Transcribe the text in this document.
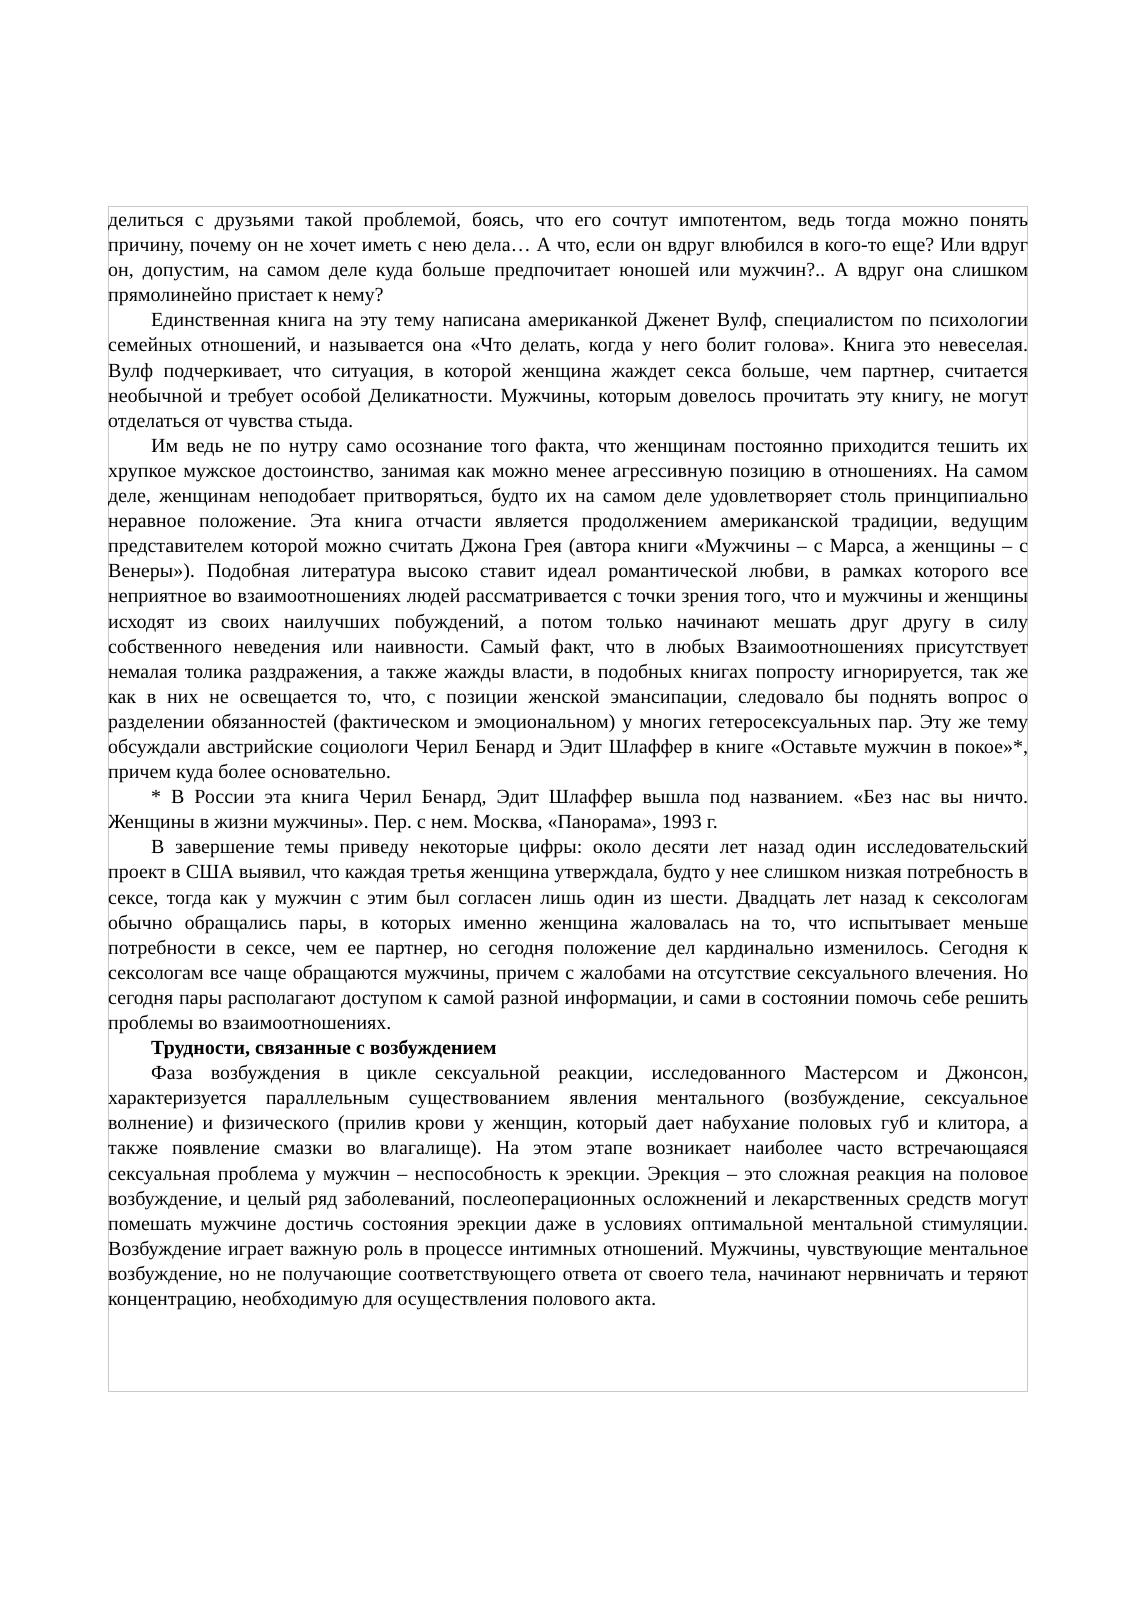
делиться с друзьями такой проблемой, боясь, что его сочтут импотентом, ведь тогда можно понять причину, почему он не хочет иметь с нею дела… А что, если он вдруг влюбился в кого-то еще? Или вдруг он, допустим, на самом деле куда больше предпочитает юношей или мужчин?.. А вдруг она слишком прямолинейно пристает к нему?

Единственная книга на эту тему написана американкой Дженет Вулф, специалистом по психологии семейных отношений, и называется она «Что делать, когда у него болит голова». Книга это невеселая. Вулф подчеркивает, что ситуация, в которой женщина жаждет секса больше, чем партнер, считается необычной и требует особой Деликатности. Мужчины, которым довелось прочитать эту книгу, не могут отделаться от чувства стыда.

Им ведь не по нутру само осознание того факта, что женщинам постоянно приходится тешить их хрупкое мужское достоинство, занимая как можно менее агрессивную позицию в отношениях. На самом деле, женщинам неподобает притворяться, будто их на самом деле удовлетворяет столь принципиально неравное положение. Эта книга отчасти является продолжением американской традиции, ведущим представителем которой можно считать Джона Грея (автора книги «Мужчины – с Марса, а женщины – с Венеры»). Подобная литература высоко ставит идеал романтической любви, в рамках которого все неприятное во взаимоотношениях людей рассматривается с точки зрения того, что и мужчины и женщины исходят из своих наилучших побуждений, а потом только начинают мешать друг другу в силу собственного неведения или наивности. Самый факт, что в любых Взаимоотношениях присутствует немалая толика раздражения, а также жажды власти, в подобных книгах попросту игнорируется, так же как в них не освещается то, что, с позиции женской эмансипации, следовало бы поднять вопрос о разделении обязанностей (фактическом и эмоциональном) у многих гетеросексуальных пар. Эту же тему обсуждали австрийские социологи Черил Бенард и Эдит Шлаффер в книге «Оставьте мужчин в покое»*, причем куда более основательно.

* В России эта книга Черил Бенард, Эдит Шлаффер вышла под названием. «Без нас вы ничто. Женщины в жизни мужчины». Пер. с нем. Москва, «Панорама», 1993 г.

В завершение темы приведу некоторые цифры: около десяти лет назад один исследовательский проект в США выявил, что каждая третья женщина утверждала, будто у нее слишком низкая потребность в сексе, тогда как у мужчин с этим был согласен лишь один из шести. Двадцать лет назад к сексологам обычно обращались пары, в которых именно женщина жаловалась на то, что испытывает меньше потребности в сексе, чем ее партнер, но сегодня положение дел кардинально изменилось. Сегодня к сексологам все чаще обращаются мужчины, причем с жалобами на отсутствие сексуального влечения. Но сегодня пары располагают доступом к самой разной информации, и сами в состоянии помочь себе решить проблемы во взаимоотношениях.

Трудности, связанные с возбуждением

Фаза возбуждения в цикле сексуальной реакции, исследованного Мастерсом и Джонсон, характеризуется параллельным существованием явления ментального (возбуждение, сексуальное волнение) и физического (прилив крови у женщин, который дает набухание половых губ и клитора, а также появление смазки во влагалище). На этом этапе возникает наиболее часто встречающаяся сексуальная проблема у мужчин – неспособность к эрекции. Эрекция – это сложная реакция на половое возбуждение, и целый ряд заболеваний, послеоперационных осложнений и лекарственных средств могут помешать мужчине достичь состояния эрекции даже в условиях оптимальной ментальной стимуляции. Возбуждение играет важную роль в процессе интимных отношений. Мужчины, чувствующие ментальное возбуждение, но не получающие соответствующего ответа от своего тела, начинают нервничать и теряют концентрацию, необходимую для осуществления полового акта.
